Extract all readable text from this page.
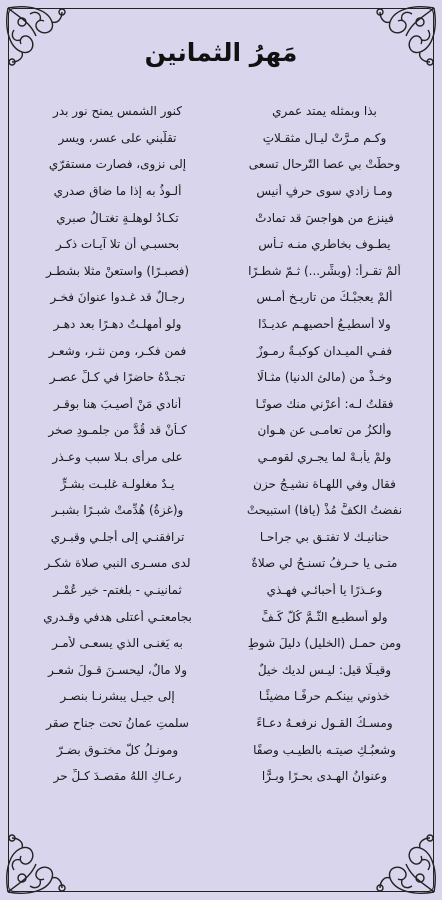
مَهرُ الثمانين
بذا وبمثله يمتد عمري
كنور الشمس يمنح نور بدر
وكـم مـرَّتْ ليـالٍ مثقـلاتٍ
تقلّبني على عسرٍ، ويسرِ
وحطّتْ بي عصا التّرحال تسعى
إلى نزوى، فصارت مستقرّي
ومـا زادي سوى حرفٍ أنيسٍ
ألـوذُ به إذا ما ضاق صدري
فينزع من هواجسَ قد تمادتْ
تكـادُ لوهلـةٍ تغتـالُ صبري
يطـوف بخاطري منـه تـأسٍ
بحسبـي أن تلا آيـات ذكـر
ألمْ تقـرأ: (وبشِّرِ...) ثـمّ شطـرًا
(فصبـرًا) واستعنْ مثلا بشطـر
ألمْ يعجبْـكَ من تاريـخِ أمـسٍ
رجـالٌ قد غـدوا عنوانَ فخـر
ولا أسطيـعُ أحصيهـم عديـدًا
ولو أمهلـتُ دهـرًا بعد دهـر
ففـي الميـدان كوكبـةٌ رمـوزٌ
فمن فكـرٍ، ومن نثـرٍ، وشعـر
وخـذْ من (مالئ الدنيا) مثـالًا
تجـدْهُ حاضرًا في كـلِّ عصـرِ
فقلتُ لـه: أعرْني منك صوتًـا
أنادي مَنْ أصيـبَ هنا بوقـر
وألكزُ من تعامـى عن هـوانٍ
كـأنْ قد قُدَّ من جلمـودِ صخر
ولمْ يأبـهْ لما يجـري لقومـي
على مرأى بـلا سببٍ وعـذر
فقال وفي اللهـاة نشيـجُ حزنٍ
يـدٌ مغلولـة غلبـت بشـرٍّ
نفضتُ الكفَّ مُذْ (يافا) استبيحتْ
و(غزةُ) هُدِّمتْ شبـرًا بشبـر
حنانيـك لا تفتـق بي جراحـا
ترافقنـي إلى أجلـي وقبـري
متـى يا حـرفُ تسنـحُ لي صلاةٌ
لدى مسـرى النبي صلاة شكـر
وعـذرًا يا أحبائـي فهـذي
ثمانينـي - بلغتم- خير عُمْـر
ولو أسطيـع الثَّـمَّ كُلَّ كَـفٍّ
بجامعتـي أعتلى هدفي وقـدري
ومن حمـل (الخليل) دليلَ شوطٍ
به يَغنـى الذي يسعـى لأمـر
وقيـلًا قيل: ليـس لديك خيلٌ
ولا مالٌ، ليحسـنَ قـولَ شعـر
خذوني بينكـم حرفًـا مضيئًـا
إلى جيـلٍ يبشرنـا بنصـر
ومسـكُ القـول نرفعـهُ دعـاءً
سلمتِ عمانُ تحت جناح صقرِ
وشعبُـكِ صيتـه بالطيـبِ وصفًا
ومونـلُ كلّ مختـوقٍ بضـرّ
وعنوانُ الهـدى بحـرًا وبـرًّا
رعـاكِ اللهُ مقصـدَ كـلِّ حرٍ
